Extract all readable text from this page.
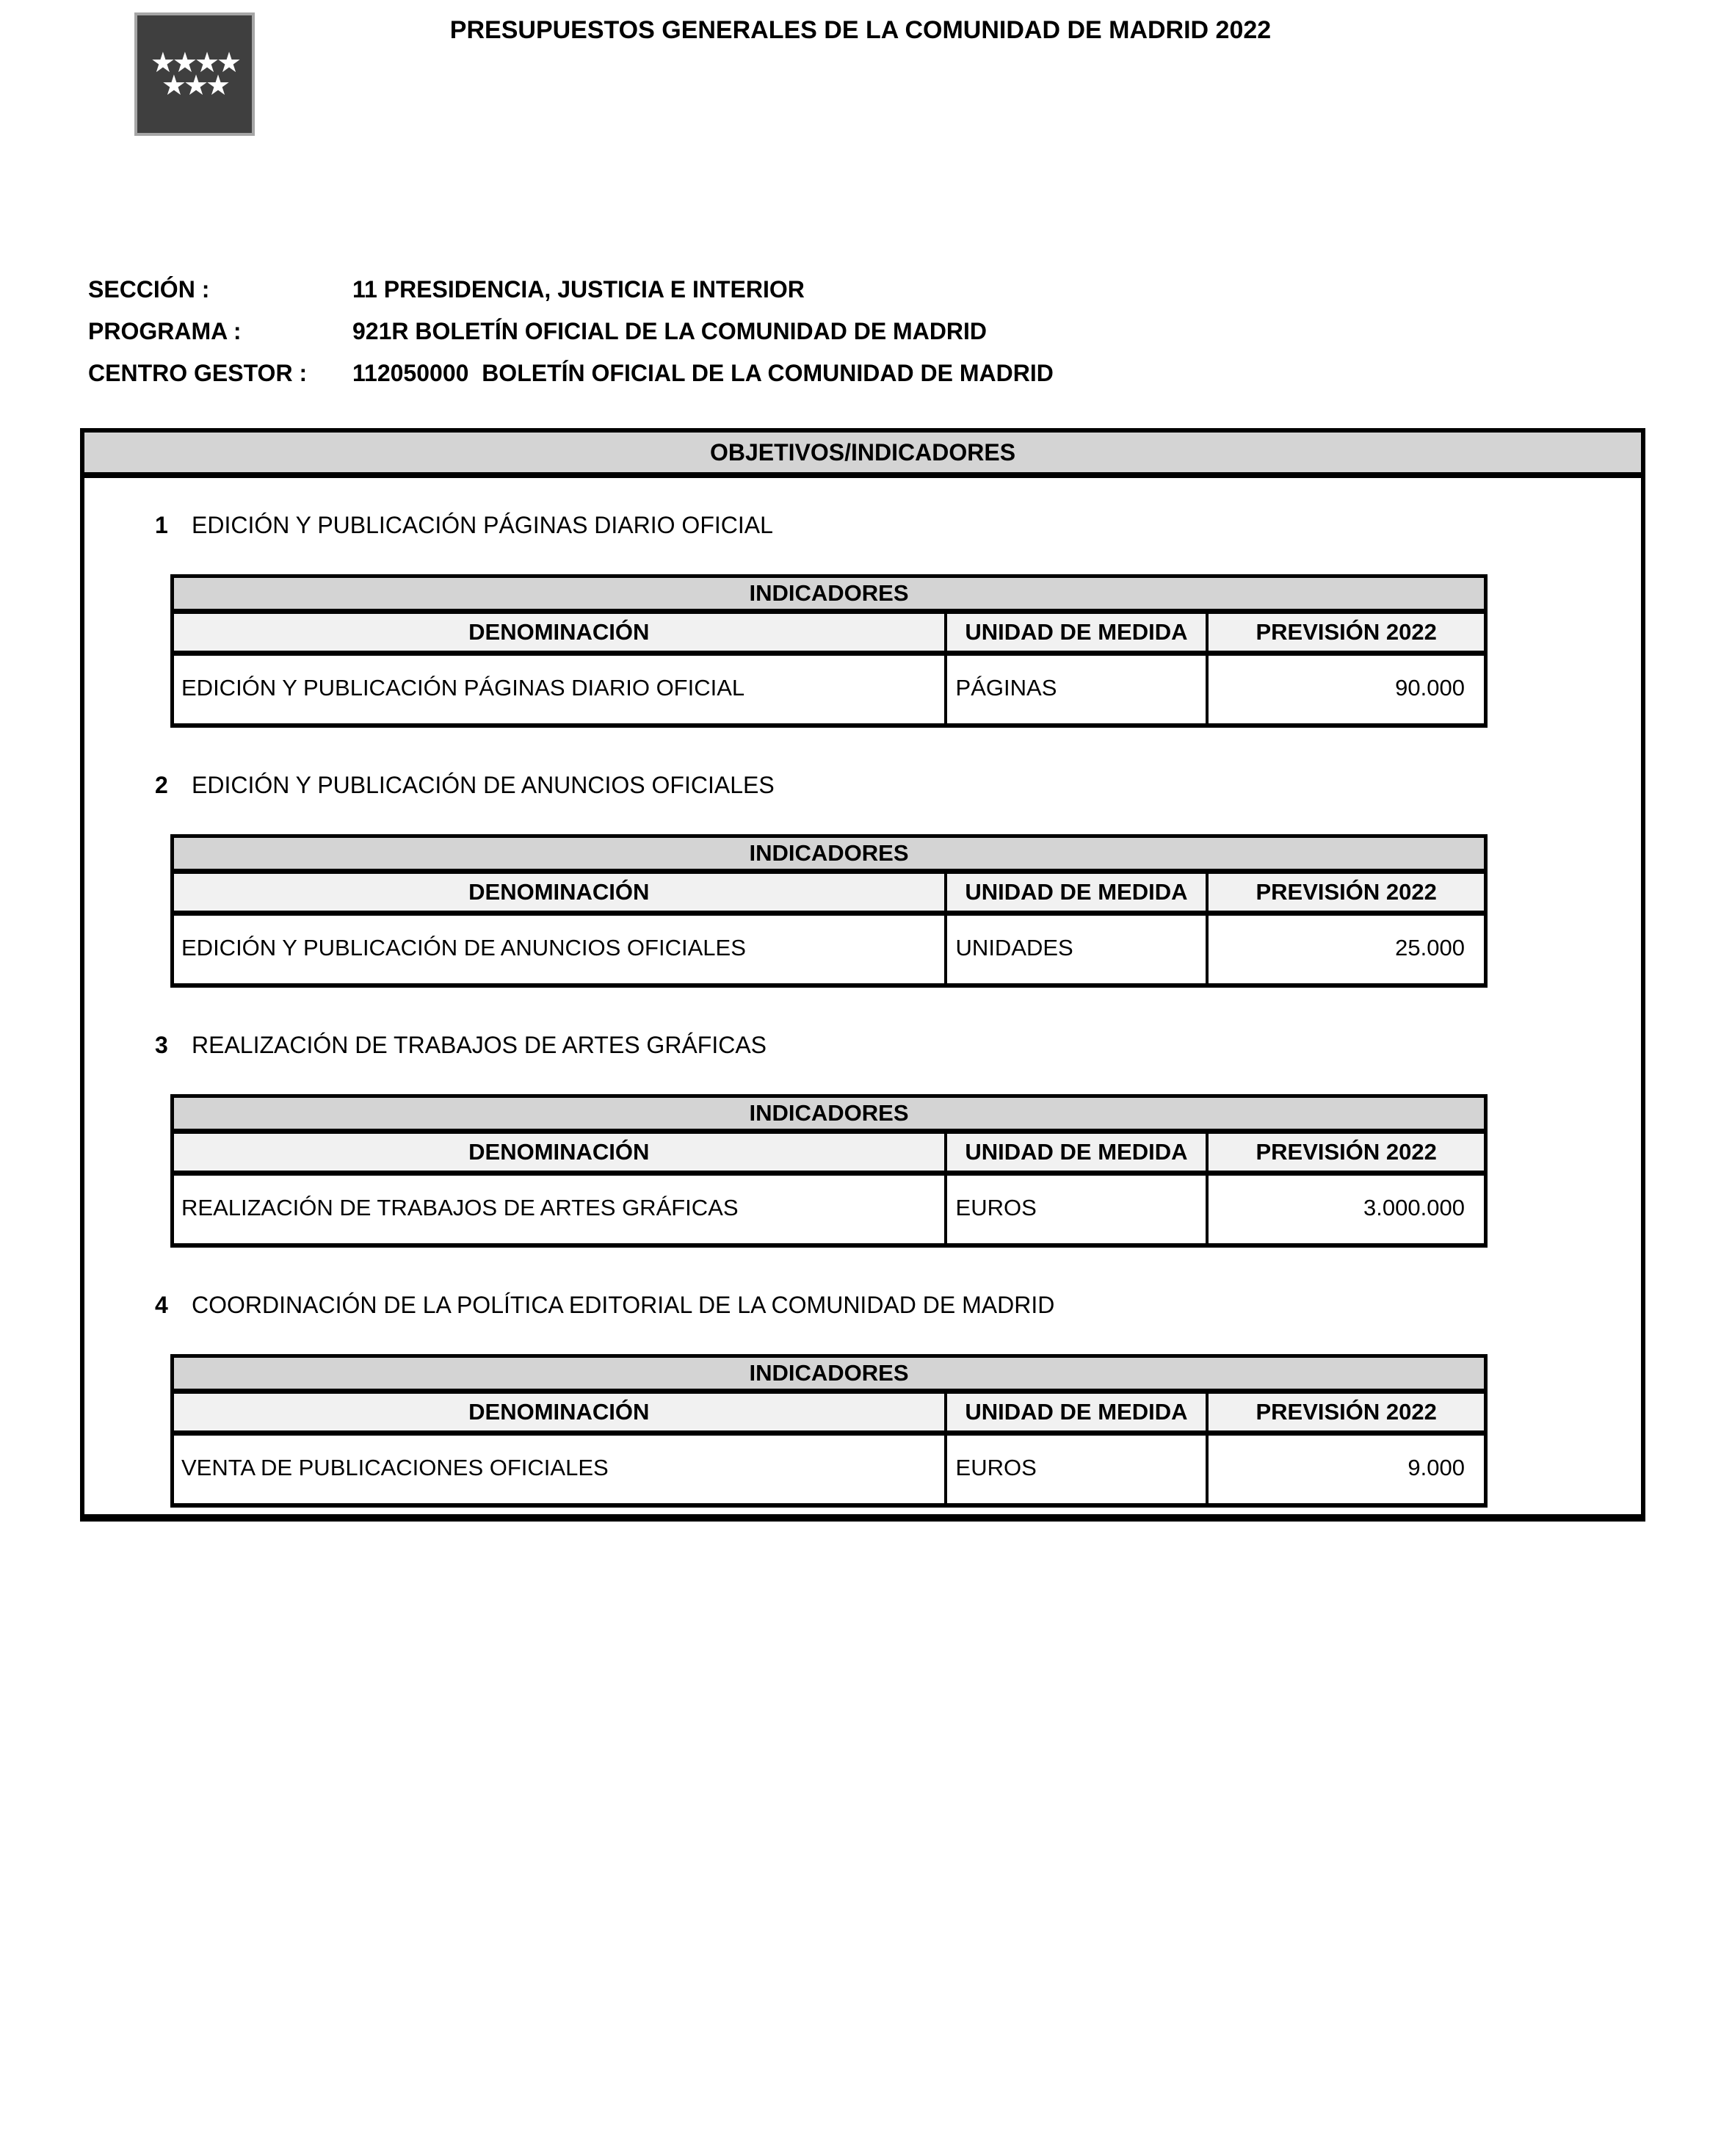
★★★★
★★★
PRESUPUESTOS GENERALES DE LA COMUNIDAD DE MADRID 2022
SECCIÓN :	11 PRESIDENCIA, JUSTICIA E INTERIOR
PROGRAMA :	921R BOLETÍN OFICIAL DE LA COMUNIDAD DE MADRID
CENTRO GESTOR : 112050000  BOLETÍN OFICIAL DE LA COMUNIDAD DE MADRID
OBJETIVOS/INDICADORES
1 EDICIÓN Y PUBLICACIÓN PÁGINAS DIARIO OFICIAL
INDICADORES
DENOMINACIÓN	UNIDAD DE MEDIDA	PREVISIÓN 2022
EDICIÓN Y PUBLICACIÓN PÁGINAS DIARIO OFICIAL	PÁGINAS	90.000
2 EDICIÓN Y PUBLICACIÓN DE ANUNCIOS OFICIALES
INDICADORES
DENOMINACIÓN	UNIDAD DE MEDIDA	PREVISIÓN 2022
EDICIÓN Y PUBLICACIÓN DE ANUNCIOS OFICIALES	UNIDADES	25.000
3 REALIZACIÓN DE TRABAJOS DE ARTES GRÁFICAS
INDICADORES
DENOMINACIÓN	UNIDAD DE MEDIDA	PREVISIÓN 2022
REALIZACIÓN DE TRABAJOS DE ARTES GRÁFICAS	EUROS	3.000.000
4 COORDINACIÓN DE LA POLÍTICA EDITORIAL DE LA COMUNIDAD DE MADRID
INDICADORES
DENOMINACIÓN	UNIDAD DE MEDIDA	PREVISIÓN 2022
VENTA DE PUBLICACIONES OFICIALES	EUROS	9.000
